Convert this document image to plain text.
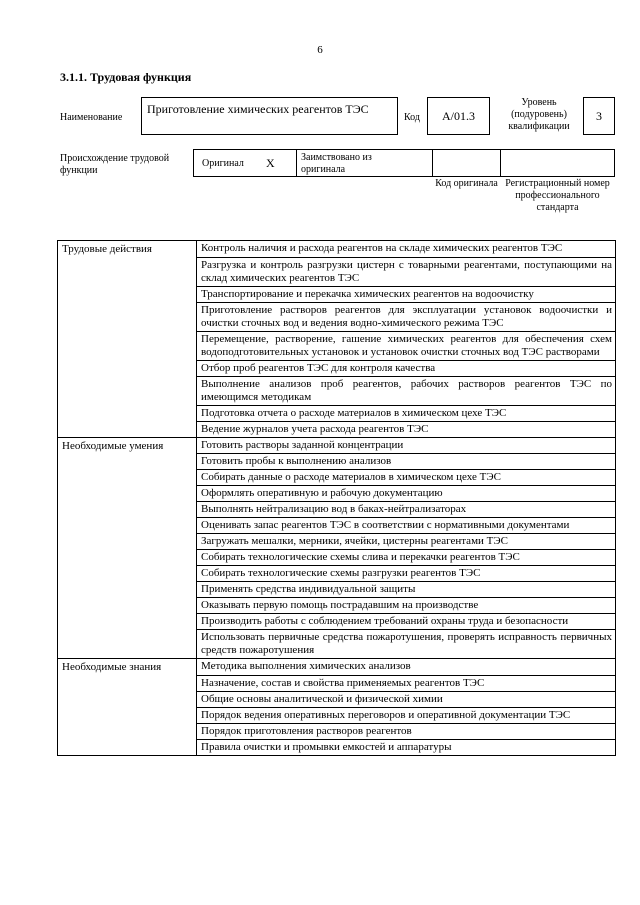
6
3.1.1. Трудовая функция
Наименование
Приготовление химических реагентов ТЭС
Код	A/01.3
Уровень (подуровень) квалификации
3
Происхождение трудовой функции
Оригинал X	Заимствовано из оригинала
Код оригинала Регистрационный номер профессионального стандарта
Трудовые действия	Контроль наличия и расхода реагентов на складе химических реагентов ТЭС
	Разгрузка и контроль разгрузки цистерн с товарными реагентами, поступающими на склад химических реагентов ТЭС
	Транспортирование и перекачка химических реагентов на водоочистку
	Приготовление растворов реагентов для эксплуатации установок водоочистки и очистки сточных вод и ведения водно-химического режима ТЭС
	Перемещение, растворение, гашение химических реагентов для обеспечения схем водоподготовительных установок и установок очистки сточных вод ТЭС растворами
	Отбор проб реагентов ТЭС для контроля качества
	Выполнение анализов проб реагентов, рабочих растворов реагентов ТЭС по имеющимся методикам
	Подготовка отчета о расходе материалов в химическом цехе ТЭС
	Ведение журналов учета расхода реагентов ТЭС
Необходимые умения	Готовить растворы заданной концентрации
	Готовить пробы к выполнению анализов
	Собирать данные о расходе материалов в химическом цехе ТЭС
	Оформлять оперативную и рабочую документацию
	Выполнять нейтрализацию вод в баках-нейтрализаторах
	Оценивать запас реагентов ТЭС в соответствии с нормативными документами
	Загружать мешалки, мерники, ячейки, цистерны реагентами ТЭС
	Собирать технологические схемы слива и перекачки реагентов ТЭС
	Собирать технологические схемы разгрузки реагентов ТЭС
	Применять средства индивидуальной защиты
	Оказывать первую помощь пострадавшим на производстве
	Производить работы с соблюдением требований охраны труда и безопасности
	Использовать первичные средства пожаротушения, проверять исправность первичных средств пожаротушения
Необходимые знания	Методика выполнения химических анализов
	Назначение, состав и свойства применяемых реагентов ТЭС
	Общие основы аналитической и физической химии
	Порядок ведения оперативных переговоров и оперативной документации ТЭС
	Порядок приготовления растворов реагентов
	Правила очистки и промывки емкостей и аппаратуры
